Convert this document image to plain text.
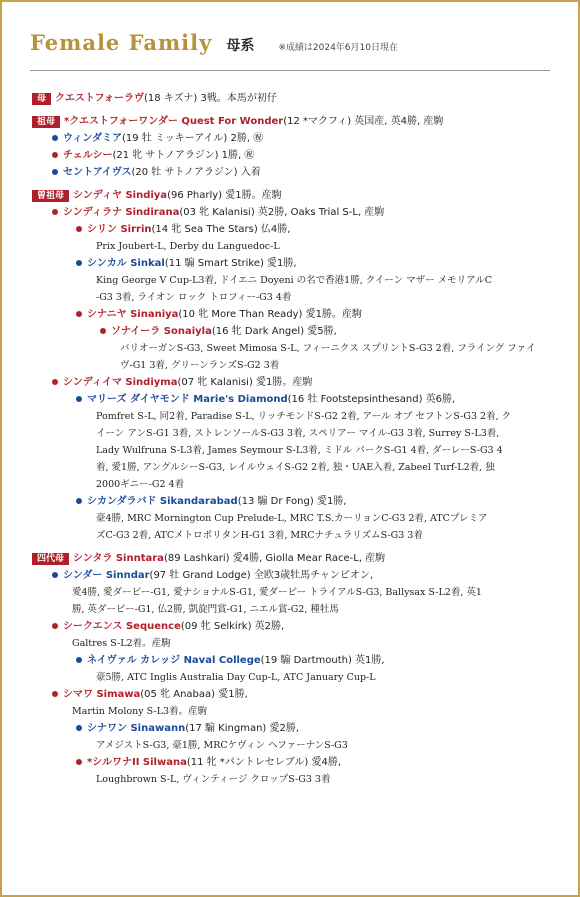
Female Family 母系	※成績は2024年6月10日現在
母 クエストフォーラヴ(18 キズナ) 3戦。本馬が初仔
祖母 *クエストフォーワンダー Quest For Wonder(12 *マクフィ) 英国産, 英4勝, 産駒
ウィンダミア(19 牡 ミッキーアイル) 2勝, ㊗
チェルシー(21 牝 サトノアラジン) 1勝, ㊗
セントアイヴス(20 牡 サトノアラジン) 入着
曽祖母 シンディヤ Sindiya(96 Pharly) 愛1勝。産駒
シンディラナ Sindirana(03 牝 Kalanisi) 英2勝, Oaks Trial S-L, 産駒
シリン Sirrin(14 牝 Sea The Stars) 仏4勝,
Prix Joubert-L, Derby du Languedoc-L
シンカル Sinkal(11 騸 Smart Strike) 愛1勝,
King George V Cup-L3着, ドイエニ Doyeni の名で香港1勝, クイーン マザー メモリアルC
-G3 3着, ライオン ロック トロフィー-G3 4着
シナニヤ Sinaniya(10 牝 More Than Ready) 愛1勝。産駒
ソナイーラ Sonaiyla(16 牝 Dark Angel) 愛5勝,
バリオーガンS-G3, Sweet Mimosa S-L, フィーニクス スプリントS-G3 2着, フライング ファイ
ヴ-G1 3着, グリーンランズS-G2 3着
シンディイマ Sindiyma(07 牝 Kalanisi) 愛1勝。産駒
マリーズ ダイヤモンド Marie's Diamond(16 牡 Footstepsinthesand) 英6勝,
Pomfret S-L, 同2着, Paradise S-L, リッチモンドS-G2 2着, アール オブ セフトンS-G3 2着, ク
イーン アンS-G1 3着, ストレンソールS-G3 3着, スペリアー マイル-G3 3着, Surrey S-L3着,
Lady Wulfruna S-L3着, James Seymour S-L3着, ミドル パークS-G1 4着, ダーレーS-G3 4
着, 愛1勝, アングルシーS-G3, レイルウェイS-G2 2着, 独・UAE入着, Zabeel Turf-L2着, 独
2000ギニー-G2 4着
シカンダラバド Sikandarabad(13 騸 Dr Fong) 愛1勝,
豪4勝, MRC Mornington Cup Prelude-L, MRC T.S.カーリョンC-G3 2着, ATCプレミア
ズC-G3 2着, ATCメトロポリタンH-G1 3着, MRCナチュラリズムS-G3 3着
四代母 シンタラ Sinntara(89 Lashkari) 愛4勝, Giolla Mear Race-L, 産駒
シンダー Sinndar(97 牡 Grand Lodge) 全欧3歳牡馬チャンピオン,
愛4勝, 愛ダービー-G1, 愛ナショナルS-G1, 愛ダービー トライアルS-G3, Ballysax S-L2着, 英1
勝, 英ダービー-G1, 仏2勝, 凱旋門賞-G1, ニエル賞-G2, 種牡馬
シークエンス Sequence(09 牝 Selkirk) 英2勝,
Galtres S-L2着。産駒
ネイヴァル カレッジ Naval College(19 騸 Dartmouth) 英1勝,
豪5勝, ATC Inglis Australia Day Cup-L, ATC January Cup-L
シマワ Simawa(05 牝 Anabaa) 愛1勝,
Martin Molony S-L3着。産駒
シナワン Sinawann(17 騸 Kingman) 愛2勝,
アメジストS-G3, 豪1勝, MRCケヴィン ヘファーナンS-G3
*シルワナII Silwana(11 牝 *パントレセレブル) 愛4勝,
Loughbrown S-L, ヴィンティージ クロップS-G3 3着
